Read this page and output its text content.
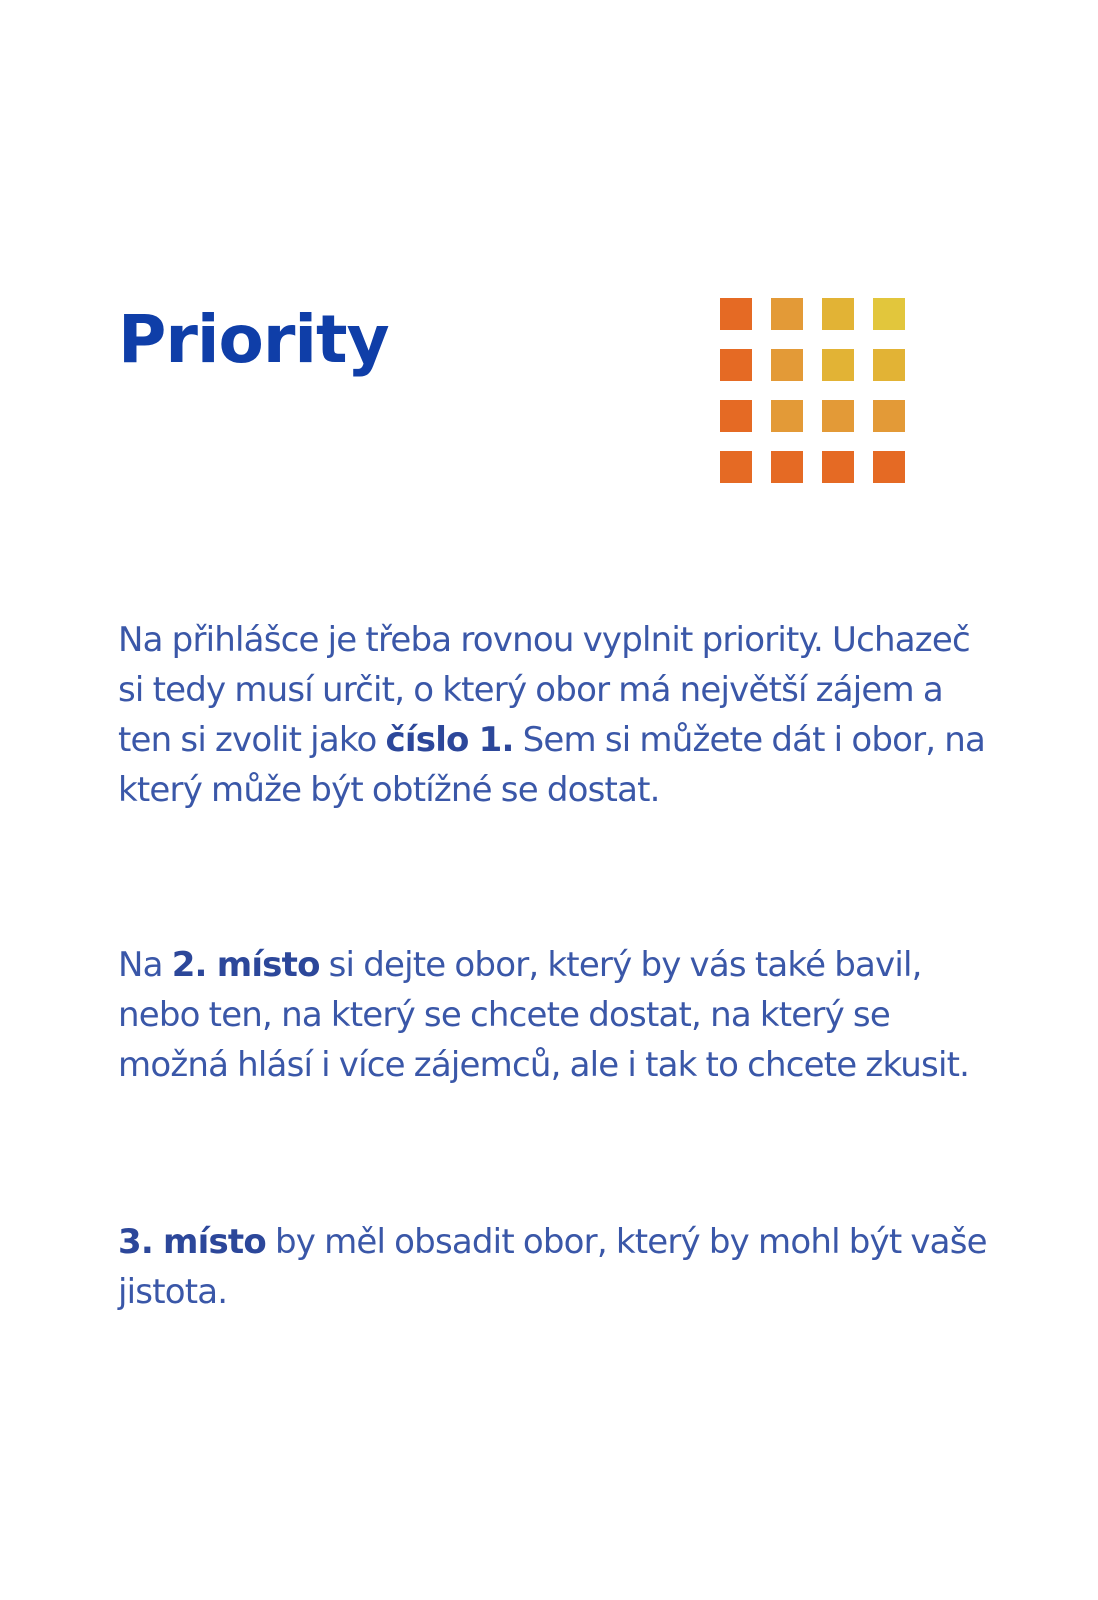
Priority

Na přihlášce je třeba rovnou vyplnit priority. Uchazeč si tedy musí určit, o který obor má největší zájem a ten si zvolit jako číslo 1. Sem si můžete dát i obor, na který může být obtížné se dostat.

Na 2. místo si dejte obor, který by vás také bavil, nebo ten, na který se chcete dostat, na který se možná hlásí i více zájemců, ale i tak to chcete zkusit.

3. místo by měl obsadit obor, který by mohl být vaše jistota.
